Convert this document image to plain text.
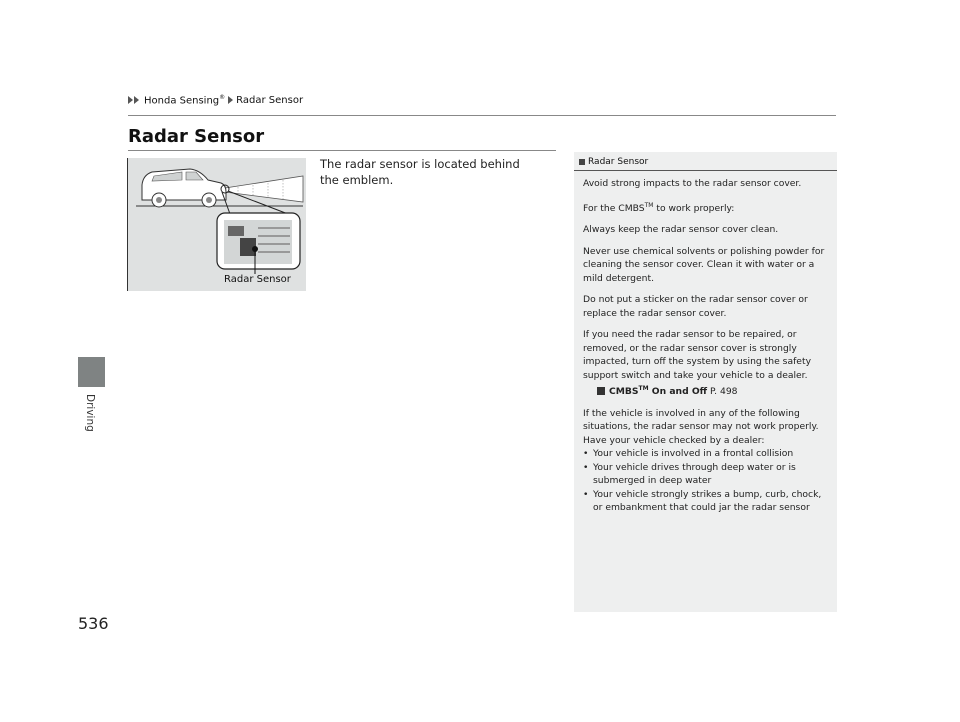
Honda Sensing® Radar Sensor
Radar Sensor
Driving
536
Radar Sensor

The radar sensor is located behind the emblem.

Radar Sensor

Avoid strong impacts to the radar sensor cover.

For the CMBS™ to work properly:

Always keep the radar sensor cover clean.

Never use chemical solvents or polishing powder for cleaning the sensor cover. Clean it with water or a mild detergent.

Do not put a sticker on the radar sensor cover or replace the radar sensor cover.

If you need the radar sensor to be repaired, or removed, or the radar sensor cover is strongly impacted, turn off the system by using the safety support switch and take your vehicle to a dealer.

CMBS™ On and Off P. 498

If the vehicle is involved in any of the following situations, the radar sensor may not work properly. Have your vehicle checked by a dealer:

• Your vehicle is involved in a frontal collision
• Your vehicle drives through deep water or is submerged in deep water
• Your vehicle strongly strikes a bump, curb, chock, or embankment that could jar the radar sensor
